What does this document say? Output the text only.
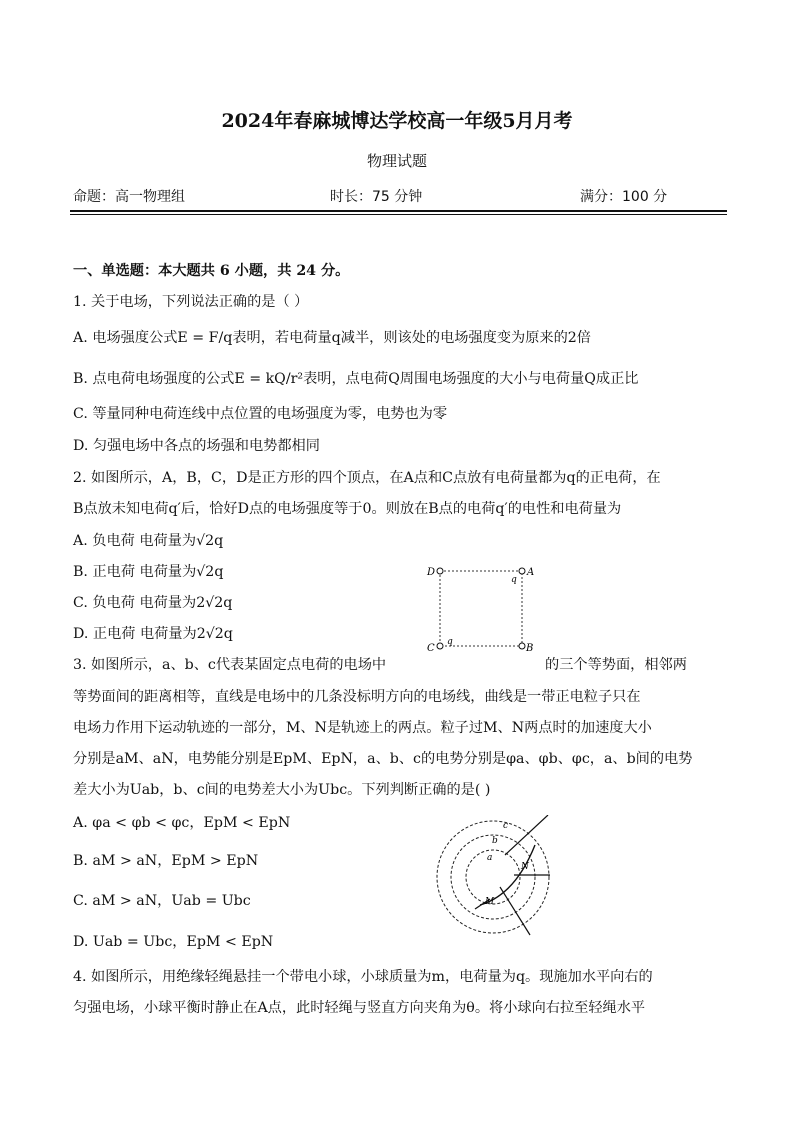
2024年春麻城博达学校高一年级5月月考
物理试题
命题：高一物理组	时长：75 分钟	满分：100 分
一、单选题：本大题共 6 小题，共 24 分。
1. 关于电场，下列说法正确的是（ ）
A. 电场强度公式E = F/q表明，若电荷量q减半，则该处的电场强度变为原来的2倍
B. 点电荷电场强度的公式E = kQ/r²表明，点电荷Q周围电场强度的大小与电荷量Q成正比
C. 等量同种电荷连线中点位置的电场强度为零，电势也为零
D. 匀强电场中各点的场强和电势都相同
2. 如图所示，A，B，C，D是正方形的四个顶点，在A点和C点放有电荷量都为q的正电荷，在
B点放未知电荷q′后，恰好D点的电场强度等于0。则放在B点的电荷q′的电性和电荷量为
A. 负电荷 电荷量为√2q
B. 正电荷 电荷量为√2q
C. 负电荷 电荷量为2√2q
D. 正电荷 电荷量为2√2q
D	A
q
B
C
q
3. 如图所示，a、b、c代表某固定点电荷的电场中	的三个等势面，相邻两
等势面间的距离相等，直线是电场中的几条没标明方向的电场线，曲线是一带正电粒子只在
电场力作用下运动轨迹的一部分，M、N是轨迹上的两点。粒子过M、N两点时的加速度大小
分别是aM、aN，电势能分别是EpM、EpN，a、b、c的电势分别是φa、φb、φc，a、b间的电势
差大小为Uab，b、c间的电势差大小为Ubc。下列判断正确的是( )
A. φa < φb < φc，EpM < EpN
B. aM > aN，EpM > EpN
C. aM > aN，Uab = Ubc
D. Uab = Ubc，EpM < EpN
c
b
a
N
M
4. 如图所示，用绝缘轻绳悬挂一个带电小球，小球质量为m，电荷量为q。现施加水平向右的
匀强电场，小球平衡时静止在A点，此时轻绳与竖直方向夹角为θ。将小球向右拉至轻绳水平
